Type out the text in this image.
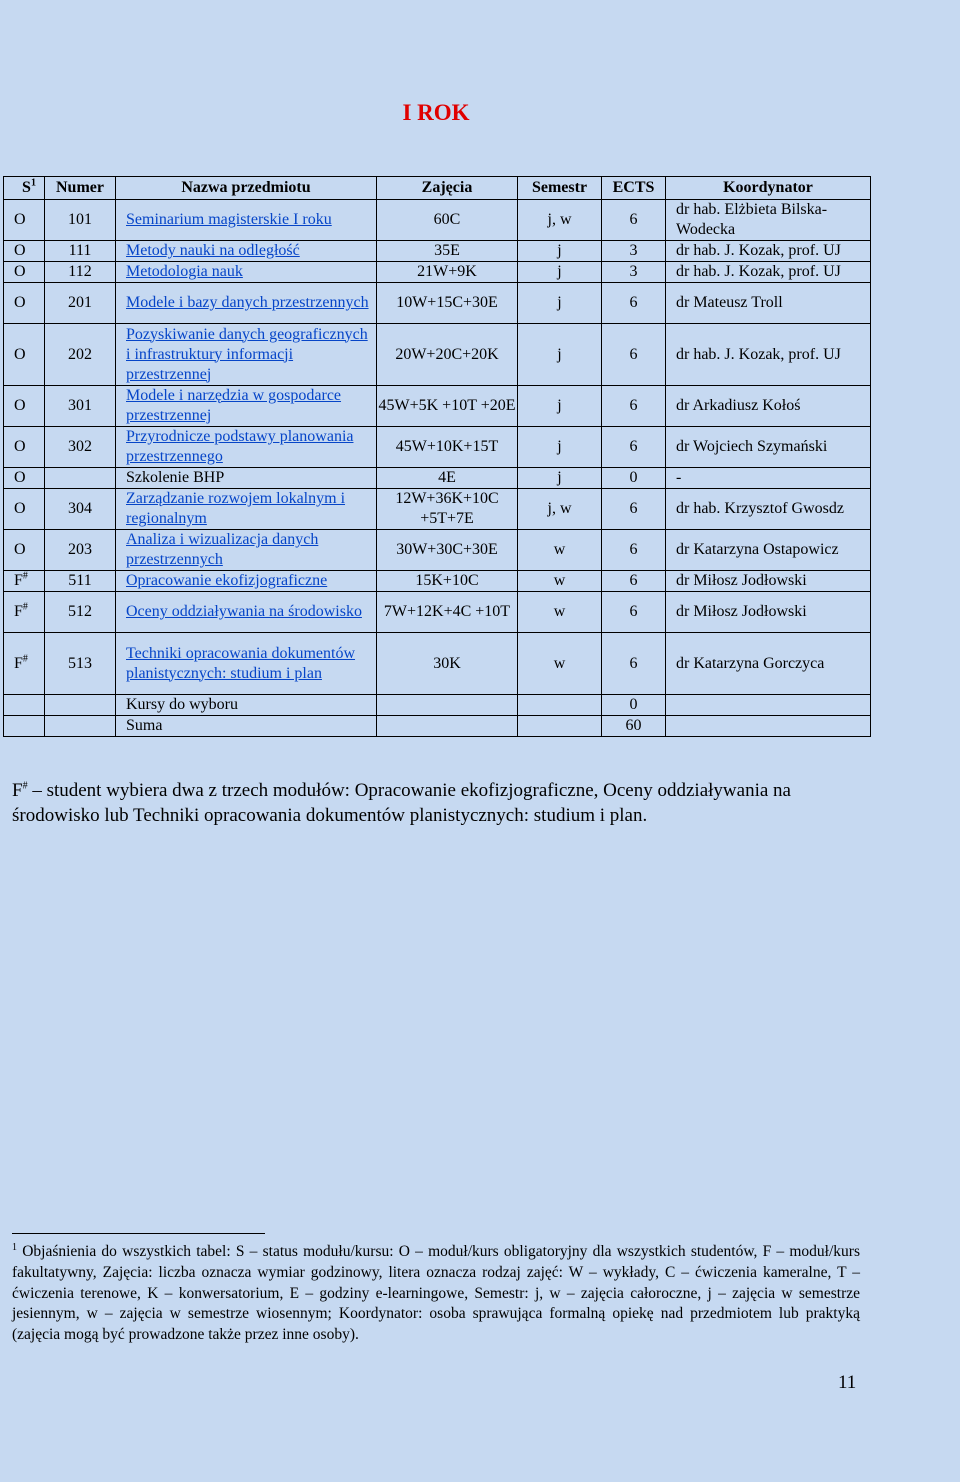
I ROK
$S^1$	Numer	Nazwa przedmiotu	Zajęcia	Semestr	ECTS	Koordynator
O	101	Seminarium magisterskie I roku	60C	j, w	6	dr hab. Elżbieta Bilska-Wodecka
O	111	Metody nauki na odległość	35E	j	3	dr hab. J. Kozak, prof. UJ
O	112	Metodologia nauk	21W+9K	j	3	dr hab. J. Kozak, prof. UJ
O	201	Modele i bazy danych przestrzennych	10W+15C+30E	j	6	dr Mateusz Troll
O	202	Pozyskiwanie danych geograficznych i infrastruktury informacji przestrzennej	20W+20C+20K	j	6	dr hab. J. Kozak, prof. UJ
O	301	Modele i narzędzia w gospodarce przestrzennej	45W+5K +10T +20E	j	6	dr Arkadiusz Kołoś
O	302	Przyrodnicze podstawy planowania przestrzennego	45W+10K+15T	j	6	dr Wojciech Szymański
O		Szkolenie BHP	4E	j	0	-
O	304	Zarządzanie rozwojem lokalnym i regionalnym	12W+36K+10C +5T+7E	j, w	6	dr hab. Krzysztof Gwosdz
O	203	Analiza i wizualizacja danych przestrzennych	30W+30C+30E	w	6	dr Katarzyna Ostapowicz
F#	511	Opracowanie ekofizjograficzne	15K+10C	w	6	dr Miłosz Jodłowski
F#	512	Oceny oddziaływania na środowisko	7W+12K+4C +10T	w	6	dr Miłosz Jodłowski
F#	513	Techniki opracowania dokumentów planistycznych: studium i plan	30K	w	6	dr Katarzyna Gorczyca
		Kursy do wyboru			0	
		Suma			60	
F# – student wybiera dwa z trzech modułów: Opracowanie ekofizjograficzne, Oceny oddziaływania na środowisko lub Techniki opracowania dokumentów planistycznych: studium i plan.
$^1$ Objaśnienia do wszystkich tabel: S – status modułu/kursu: O – moduł/kurs obligatoryjny dla wszystkich studentów, F – moduł/kurs fakultatywny, Zajęcia: liczba oznacza wymiar godzinowy, litera oznacza rodzaj zajęć: W – wykłady, C – ćwiczenia kameralne, T – ćwiczenia terenowe, K – konwersatorium, E – godziny e-learningowe, Semestr: j, w – zajęcia całoroczne, j – zajęcia w semestrze jesiennym, w – zajęcia w semestrze wiosennym; Koordynator: osoba sprawująca formalną opiekę nad przedmiotem lub praktyką (zajęcia mogą być prowadzone także przez inne osoby).
11
